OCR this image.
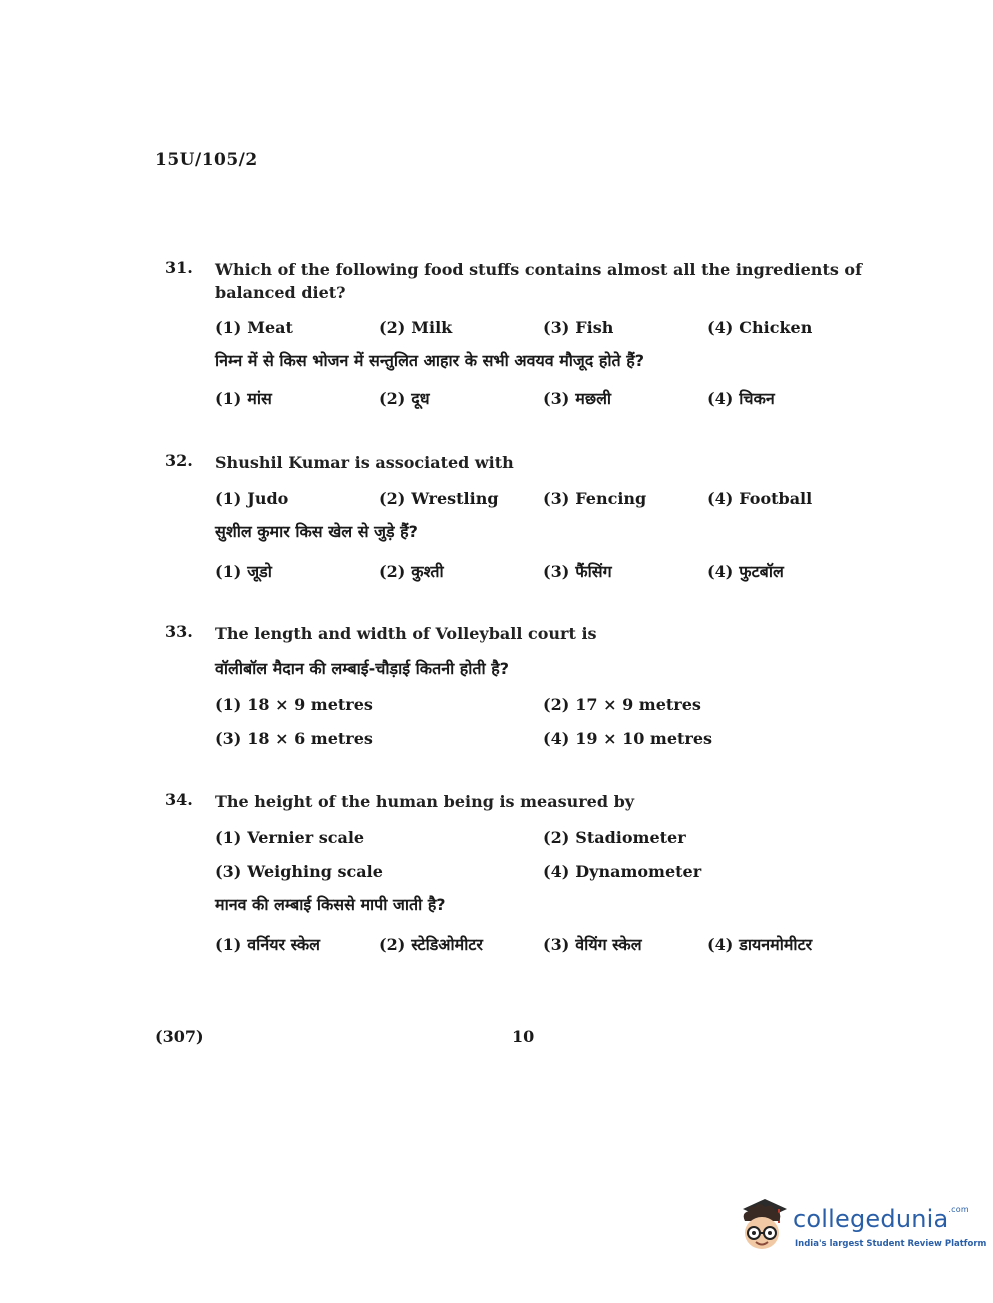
15U/105/2
31. Which of the following food stuffs contains almost all the ingredients of balanced diet?

(1) Meat	(2) Milk	(3) Fish	(4) Chicken

निम्न में से किस भोजन में सन्तुलित आहार के सभी अवयव मौजूद होते हैं?

(1) मांस	(2) दूध	(3) मछली	(4) चिकन
32. Shushil Kumar is associated with

(1) Judo	(2) Wrestling	(3) Fencing	(4) Football

सुशील कुमार किस खेल से जुड़े हैं?

(1) जूडो	(2) कुश्ती	(3) फैंसिंग	(4) फुटबॉल
33. The length and width of Volleyball court is

वॉलीबॉल मैदान की लम्बाई-चौड़ाई कितनी होती है?

(1) 18 × 9 metres	(2) 17 × 9 metres
(3) 18 × 6 metres	(4) 19 × 10 metres
34. The height of the human being is measured by

(1) Vernier scale	(2) Stadiometer
(3) Weighing scale	(4) Dynamometer

मानव की लम्बाई किससे मापी जाती है?

(1) वर्नियर स्केल	(2) स्टेडिओमीटर	(3) वेयिंग स्केल	(4) डायनमोमीटर
(307)	10
collegedunia$^{.com}$
India's largest Student Review Platform
